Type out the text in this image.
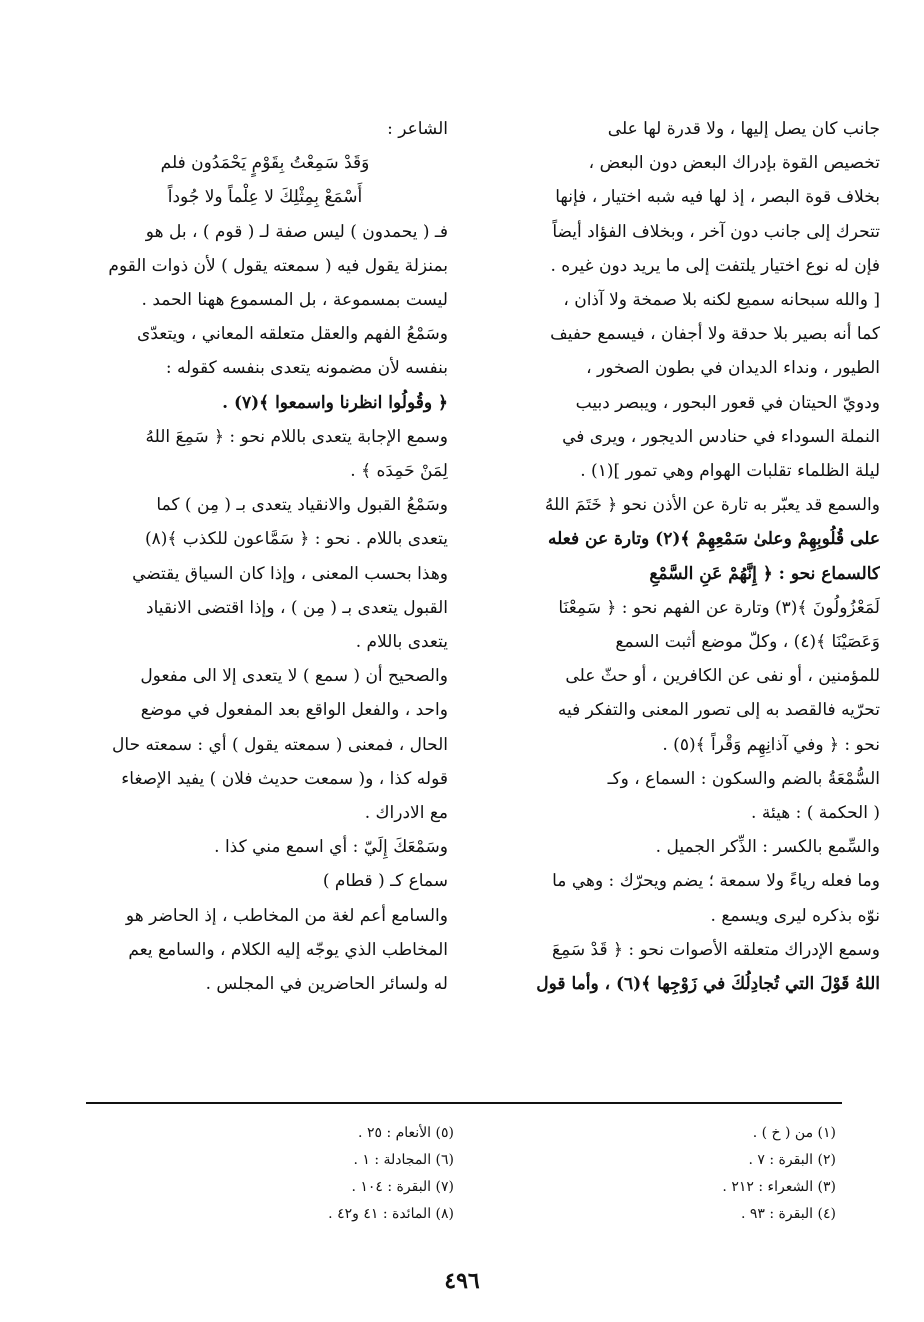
جانب كان يصل إليها ، ولا قدرة لها على
تخصيص القوة بإدراك البعض دون البعض ،
بخلاف قوة البصر ، إذ لها فيه شبه اختيار ، فإنها
تتحرك إلى جانب دون آخر ، وبخلاف الفؤاد أيضاً
فإن له نوع اختيار يلتفت إلى ما يريد دون غيره .
[ والله سبحانه سميع لكنه بلا صمخة ولا آذان ،
كما أنه بصير بلا حدقة ولا أجفان ، فيسمع حفيف
الطيور ، ونداء الديدان في بطون الصخور ،
ودويّ الحيتان في قعور البحور ، ويبصر دبيب
النملة السوداء في حنادس الديجور ، ويرى في
ليلة الظلماء تقلبات الهوام وهي تمور ](١) .
والسمع قد يعبّر به تارة عن الأذن نحو ﴿ خَتَمَ اللهُ
على قُلُوبِهِمْ وعلىٰ سَمْعِهِمْ ﴾(٢) وتارة عن فعله
كالسماع نحو : ﴿ إِنَّهُمْ عَنِ السَّمْعِ
لَمَعْزُولُونَ ﴾(٣) وتارة عن الفهم نحو : ﴿ سَمِعْنَا
وَعَصَيْنَا ﴾(٤) ، وكلّ موضع أثبت السمع
للمؤمنين ، أو نفى عن الكافرين ، أو حثّ على
تحرّيه فالقصد به إلى تصور المعنى والتفكر فيه
نحو : ﴿ وفي آذانِهِم وَقْراً ﴾(٥) .
السُّمْعَةُ بالضم والسكون : السماع ، وكـ
( الحكمة ) : هيئة .
والسِّمع بالكسر : الذِّكر الجميل .
وما فعله رياءً ولا سمعة ؛ يضم ويحرّك : وهي ما
نوّه بذكره ليرى ويسمع .
وسمع الإدراك متعلقه الأصوات نحو : ﴿ قَدْ سَمِعَ
اللهُ قَوْلَ التي تُجادِلُكَ في زَوْجِها ﴾(٦) ، وأما قول
الشاعر :
وَقَدْ سَمِعْتُ بِقَوْمٍ يَحْمَدُون فلم
أَسْمَعْ بِمِثْلِكَ لا عِلْماً ولا جُوداً
فـ ( يحمدون ) ليس صفة لـ ( قوم ) ، بل هو
بمنزلة يقول فيه ( سمعته يقول ) لأن ذوات القوم
ليست بمسموعة ، بل المسموع ههنا الحمد .
وسَمْعُ الفهم والعقل متعلقه المعاني ، ويتعدّى
بنفسه لأن مضمونه يتعدى بنفسه كقوله :
﴿ وقُولُوا انظرنا واسمعوا ﴾(٧) .
وسمع الإجابة يتعدى باللام نحو : ﴿ سَمِعَ اللهُ
لِمَنْ حَمِدَه ﴾ .
وسَمْعُ القبول والانقياد يتعدى بـ ( مِن ) كما
يتعدى باللام . نحو : ﴿ سَمَّاعون للكذب ﴾(٨)
وهذا بحسب المعنى ، وإذا كان السياق يقتضي
القبول يتعدى بـ ( مِن ) ، وإذا اقتضى الانقياد
يتعدى باللام .
والصحيح أن ( سمع ) لا يتعدى إلا الى مفعول
واحد ، والفعل الواقع بعد المفعول في موضع
الحال ، فمعنى ( سمعته يقول ) أي : سمعته حال
قوله كذا ، و( سمعت حديث فلان ) يفيد الإصغاء
مع الادراك .
وسَمْعَكَ إِلَيّ : أي اسمع مني كذا .
سماع كـ ( قطام )
والسامع أعم لغة من المخاطب ، إذ الحاضر هو
المخاطب الذي يوجّه إليه الكلام ، والسامع يعم
له ولسائر الحاضرين في المجلس .
(١) من ( خ ) .
(٢) البقرة : ٧ .
(٣) الشعراء : ٢١٢ .
(٤) البقرة : ٩٣ .
(٥) الأنعام : ٢٥ .
(٦) المجادلة : ١ .
(٧) البقرة : ١٠٤ .
(٨) المائدة : ٤١ و٤٢ .
٤٩٦
